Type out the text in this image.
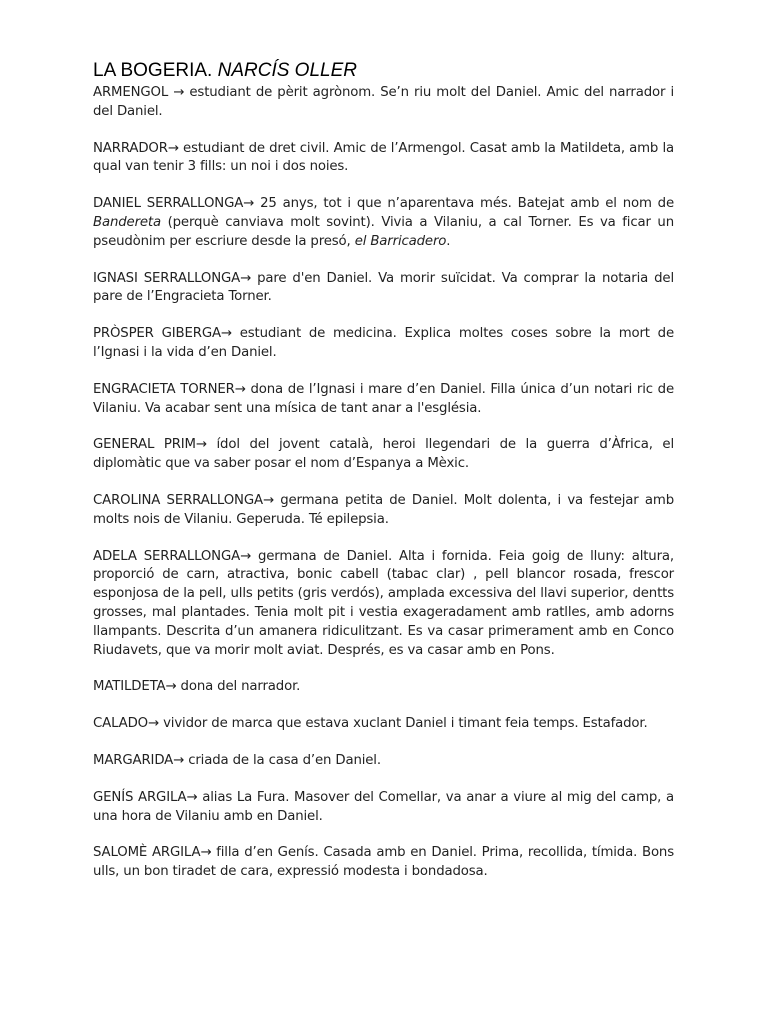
LA BOGERIA. NARCÍS OLLER

ARMENGOL → estudiant de pèrit agrònom. Se’n riu molt del Daniel. Amic del narrador i del Daniel.

NARRADOR→ estudiant de dret civil. Amic de l’Armengol. Casat amb la Matildeta, amb la qual van tenir 3 fills: un noi i dos noies.

DANIEL SERRALLONGA→ 25 anys, tot i que n’aparentava més. Batejat amb el nom de Bandereta (perquè canviava molt sovint). Vivia a Vilaniu, a cal Torner. Es va ficar un pseudònim per escriure desde la presó, el Barricadero.

IGNASI SERRALLONGA→ pare d'en Daniel. Va morir suïcidat. Va comprar la notaria del pare de l’Engracieta Torner.

PRÒSPER GIBERGA→ estudiant de medicina. Explica moltes coses sobre la mort de l’Ignasi i la vida d’en Daniel.

ENGRACIETA TORNER→ dona de l’Ignasi i mare d’en Daniel. Filla única d’un notari ric de Vilaniu. Va acabar sent una mísica de tant anar a l'església.

GENERAL PRIM→ ídol del jovent català, heroi llegendari de la guerra d’Àfrica, el diplomàtic que va saber posar el nom d’Espanya a Mèxic.

CAROLINA SERRALLONGA→ germana petita de Daniel. Molt dolenta, i va festejar amb molts nois de Vilaniu. Geperuda. Té epilepsia.

ADELA SERRALLONGA→ germana de Daniel. Alta i fornida. Feia goig de lluny: altura, proporció de carn, atractiva, bonic cabell (tabac clar) , pell blancor rosada, frescor esponjosa de la pell, ulls petits (gris verdós), amplada excessiva del llavi superior, dentts grosses, mal plantades. Tenia molt pit i vestia exageradament amb ratlles, amb adorns llampants. Descrita d’un amanera ridiculitzant. Es va casar primerament amb en Conco Riudavets, que va morir molt aviat. Després, es va casar amb en Pons.

MATILDETA→ dona del narrador.

CALADO→ vividor de marca que estava xuclant Daniel i timant feia temps. Estafador.

MARGARIDA→ criada de la casa d’en Daniel.

GENÍS ARGILA→ alias La Fura. Masover del Comellar, va anar a viure al mig del camp, a una hora de Vilaniu amb en Daniel.

SALOMÈ ARGILA→ filla d’en Genís. Casada amb en Daniel. Prima, recollida, tímida. Bons ulls, un bon tiradet de cara, expressió modesta i bondadosa.
